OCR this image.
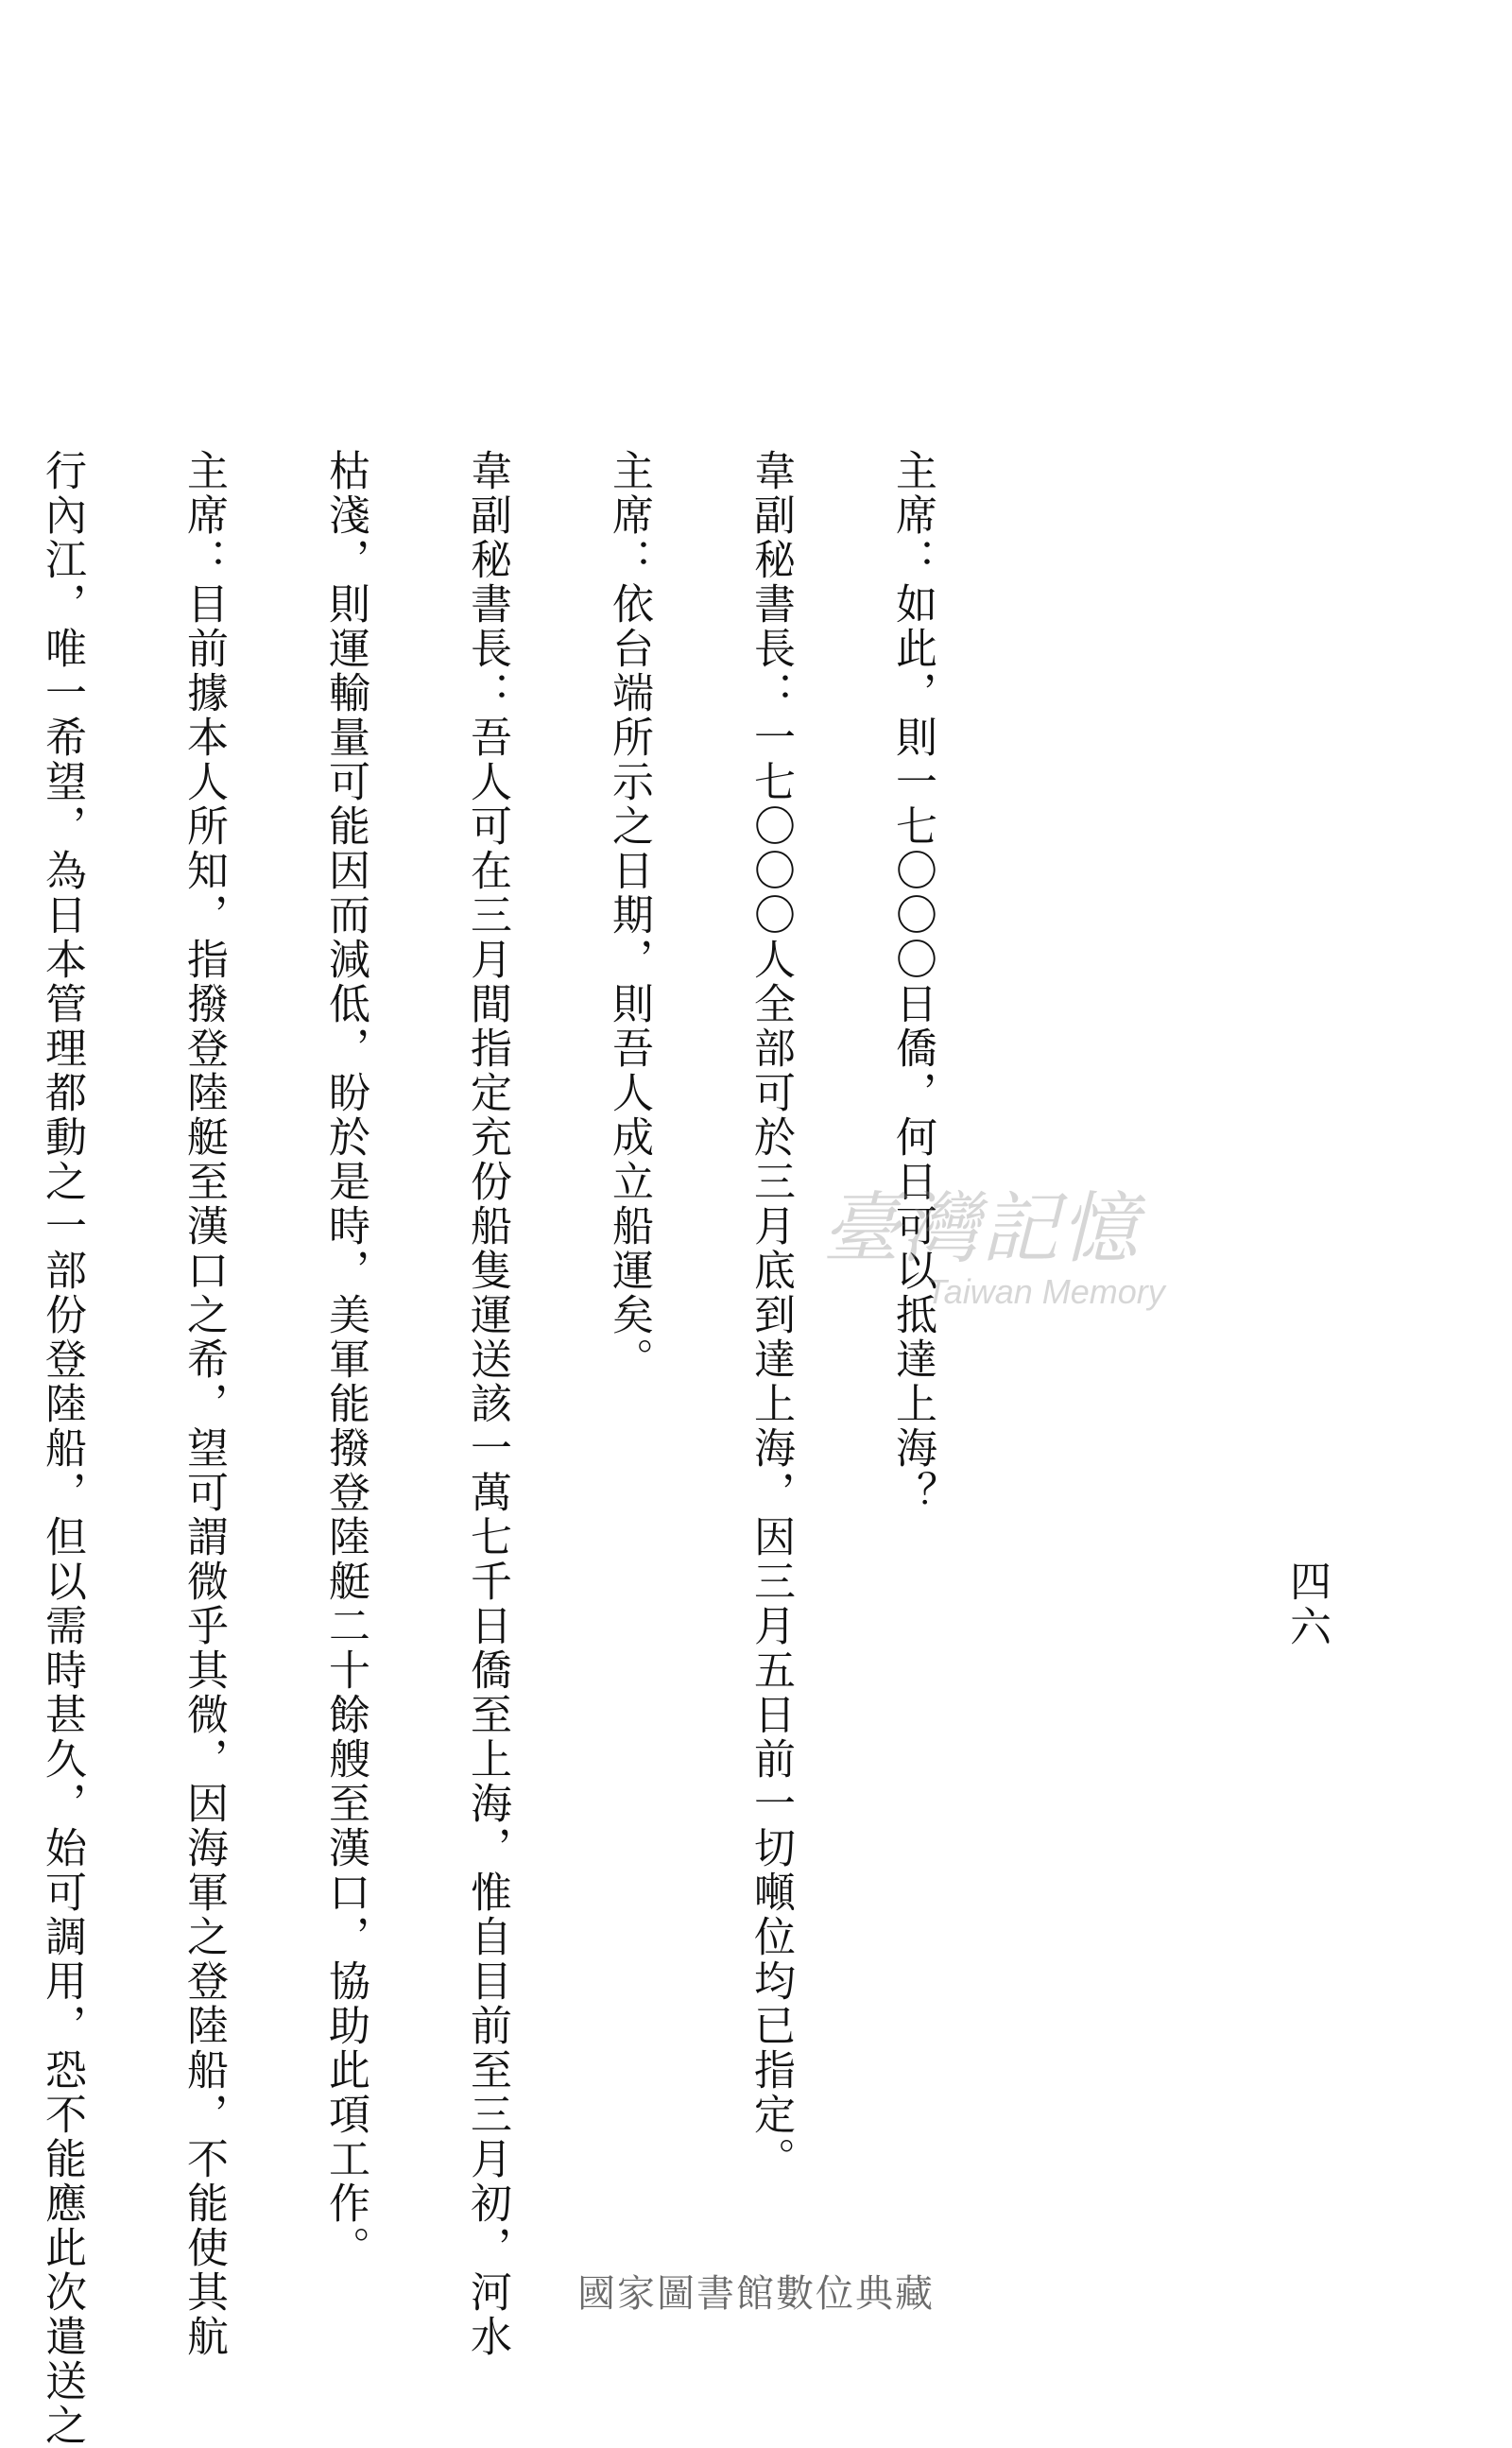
四六

主席：如此，則一七〇〇〇日僑，何日可以抵達上海？

韋副秘書長：一七〇〇〇人全部可於三月底到達上海，因三月五日前一切噸位均已指定。

主席：依台端所示之日期，則吾人成立船運矣。

韋副秘書長：吾人可在三月間指定充份船隻運送該一萬七千日僑至上海，惟自目前至三月初，河水

枯淺，則運輸量可能因而減低，盼於是時，美軍能撥登陸艇二十餘艘至漢口，協助此項工作。

主席：目前據本人所知，指撥登陸艇至漢口之希，望可謂微乎其微，因海軍之登陸船，不能使其航

行內江，唯一希望，為日本管理都動之一部份登陸船，但以需時甚久，始可調用，恐不能應此次遣送之

	臺灣記憶
Taiwan Memory
國家圖書館數位典藏
